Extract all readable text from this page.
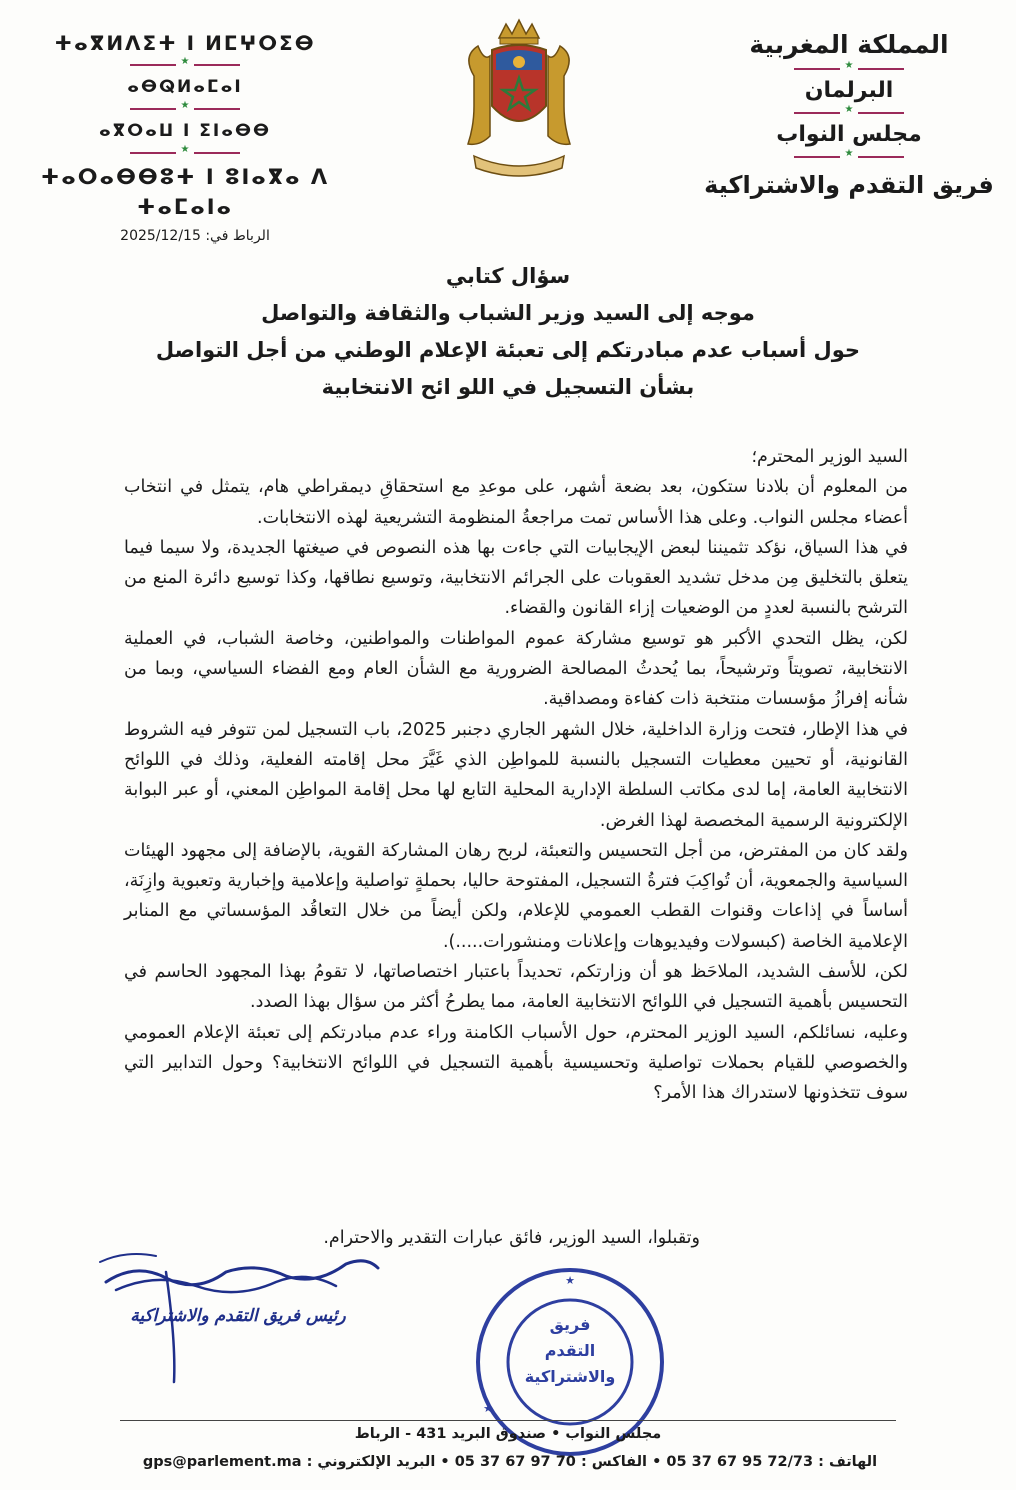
المملكة المغربية
★
البرلمان
★
مجلس النواب
★
فريق التقدم والاشتراكية
ⵜⴰⴳⵍⴷⵉⵜ ⵏ ⵍⵎⵖⵔⵉⴱ
★
ⴰⴱⵕⵍⴰⵎⴰⵏ
★
ⴰⴳⵔⴰⵡ ⵏ ⵉⵏⴰⴱⴱ
★
ⵜⴰⵔⴰⴱⴱⵓⵜ ⵏ ⵓⵏⴰⴳⴰ ⴷ ⵜⴰⵎⴰⵏⴰ
الرباط في: 2025/12/15
سؤال كتابي
موجه إلى السيد وزير الشباب والثقافة والتواصل
حول أسباب عدم مبادرتكم إلى تعبئة الإعلام الوطني من أجل التواصل
بشأن التسجيل في اللو ائح الانتخابية

السيد الوزير المحترم؛

من المعلوم أن بلادنا ستكون، بعد بضعة أشهر، على موعدِ مع استحقاقِ ديمقراطي هام، يتمثل في انتخاب أعضاء مجلس النواب. وعلى هذا الأساس تمت مراجعةُ المنظومة التشريعية لهذه الانتخابات.

في هذا السياق، نؤكد تثميننا لبعض الإيجابيات التي جاءت بها هذه النصوص في صيغتها الجديدة، ولا سيما فيما يتعلق بالتخليق مِن مدخل تشديد العقوبات على الجرائم الانتخابية، وتوسيع نطاقها، وكذا توسيع دائرة المنع من الترشح بالنسبة لعددٍ من الوضعيات إزاء القانون والقضاء.

لكن، يظل التحدي الأكبر هو توسيع مشاركة عموم المواطنات والمواطنين، وخاصة الشباب، في العملية الانتخابية، تصويتاً وترشيحاً، بما يُحدثُ المصالحة الضرورية مع الشأن العام ومع الفضاء السياسي، وبما من شأنه إفرازُ مؤسسات منتخبة ذات كفاءة ومصداقية.

في هذا الإطار، فتحت وزارة الداخلية، خلال الشهر الجاري دجنبر 2025، باب التسجيل لمن تتوفر فيه الشروط القانونية، أو تحيين معطيات التسجيل بالنسبة للمواطِن الذي غَيَّرَ محل إقامته الفعلية، وذلك في اللوائح الانتخابية العامة، إما لدى مكاتب السلطة الإدارية المحلية التابع لها محل إقامة المواطِن المعني، أو عبر البوابة الإلكترونية الرسمية المخصصة لهذا الغرض.

ولقد كان من المفترض، من أجل التحسيس والتعبئة، لربح رهان المشاركة القوية، بالإضافة إلى مجهود الهيئات السياسية والجمعوية، أن تُواكِبَ فترةُ التسجيل، المفتوحة حاليا، بحملةٍ تواصلية وإعلامية وإخبارية وتعبوية وازِنَة، أساساً في إذاعات وقنوات القطب العمومي للإعلام، ولكن أيضاً من خلال التعاقُد المؤسساتي مع المنابر الإعلامية الخاصة (كبسولات وفيديوهات وإعلانات ومنشورات.....).

لكن، للأسف الشديد، الملاحَظ هو أن وزارتكم، تحديداً باعتبار اختصاصاتها، لا تقومُ بهذا المجهود الحاسم في التحسيس بأهمية التسجيل في اللوائح الانتخابية العامة، مما يطرحُ أكثر من سؤال بهذا الصدد.

وعليه، نسائلكم، السيد الوزير المحترم، حول الأسباب الكامنة وراء عدم مبادرتكم إلى تعبئة الإعلام العمومي والخصوصي للقيام بحملات تواصلية وتحسيسية بأهمية التسجيل في اللوائح الانتخابية؟ وحول التدابير التي سوف تتخذونها لاستدراك هذا الأمر؟

وتقبلوا، السيد الوزير، فائق عبارات التقدير والاحترام.
رئيس فريق التقدم والاشتراكية
★
★
فريق
التقدم
والاشتراكية
مجلس النواب • صندوق البريد 431 - الرباط
الهاتف : 72/73 95 67 37 05 • الفاكس : 70 97 67 37 05 • البريد الإلكتروني : gps@parlement.ma
